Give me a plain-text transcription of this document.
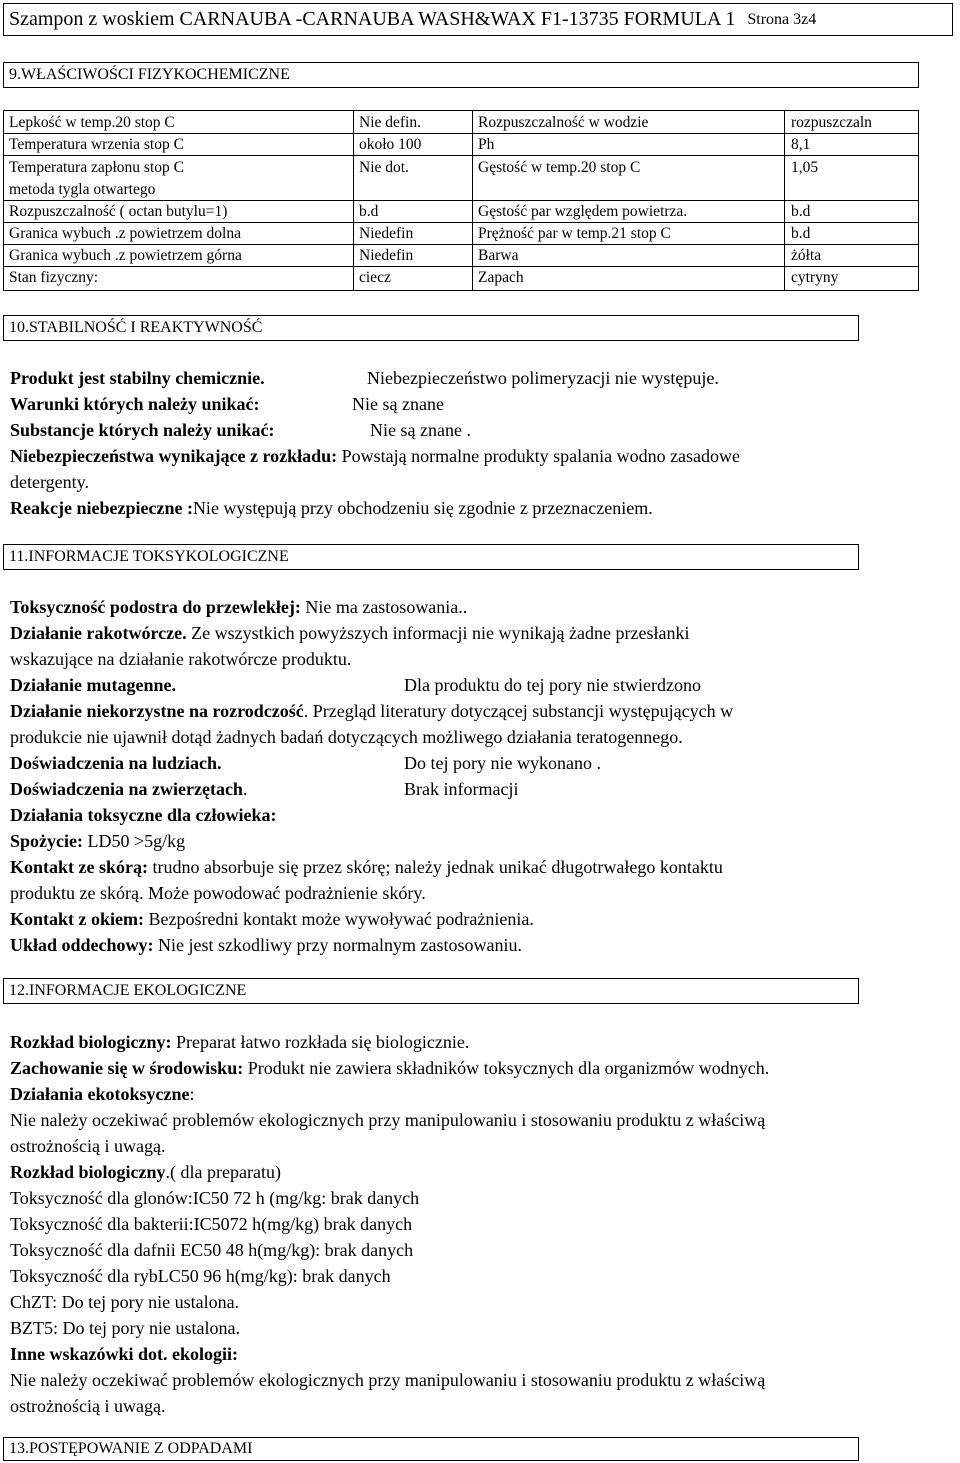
Szampon z woskiem CARNAUBA -CARNAUBA WASH&WAX F1-13735 FORMULA 1 Strona 3z4
9.WŁAŚCIWOŚCI FIZYKOCHEMICZNE
Lepkość w temp.20 stop C	Nie defin.	Rozpuszczalność w wodzie	rozpuszczaln
Temperatura wrzenia stop C	około 100	Ph	8,1
Temperatura zapłonu stop C	Nie dot.	Gęstość w temp.20 stop C	1,05
metoda tygla otwartego
Rozpuszczalność ( octan butylu=1)	b.d	Gęstość par względem powietrza.	b.d
Granica wybuch .z powietrzem dolna	Niedefin	Prężność par w temp.21 stop C	b.d
Granica wybuch .z powietrzem górna	Niedefin	Barwa	żółta
Stan fizyczny:	ciecz	Zapach	cytryny
10.STABILNOŚĆ I REAKTYWNOŚĆ
Produkt jest stabilny chemicznie.	Niebezpieczeństwo polimeryzacji nie występuje.
Warunki których należy unikać:	Nie są znane
Substancje których należy unikać:	Nie są znane .
Niebezpieczeństwa wynikające z rozkładu: Powstają normalne produkty spalania wodno zasadowe
detergenty.
Reakcje niebezpieczne :Nie występują przy obchodzeniu się zgodnie z przeznaczeniem.
11.INFORMACJE TOKSYKOLOGICZNE
Toksyczność podostra do przewlekłej: Nie ma zastosowania..
Działanie rakotwórcze. Ze wszystkich powyższych informacji nie wynikają żadne przesłanki
wskazujące na działanie rakotwórcze produktu.
Działanie mutagenne.	Dla produktu do tej pory nie stwierdzono
Działanie niekorzystne na rozrodczość. Przegląd literatury dotyczącej substancji występujących w
produkcie nie ujawnił dotąd żadnych badań dotyczących możliwego działania teratogennego.
Doświadczenia na ludziach.	Do tej pory nie wykonano .
Doświadczenia na zwierzętach.	Brak informacji
Działania toksyczne dla człowieka:
Spożycie: LD50 >5g/kg
Kontakt ze skórą: trudno absorbuje się przez skórę; należy jednak unikać długotrwałego kontaktu
produktu ze skórą. Może powodować podrażnienie skóry.
Kontakt z okiem: Bezpośredni kontakt może wywoływać podrażnienia.
Układ oddechowy: Nie jest szkodliwy przy normalnym zastosowaniu.
12.INFORMACJE EKOLOGICZNE
Rozkład biologiczny: Preparat łatwo rozkłada się biologicznie.
Zachowanie się w środowisku: Produkt nie zawiera składników toksycznych dla organizmów wodnych.
Działania ekotoksyczne:
Nie należy oczekiwać problemów ekologicznych przy manipulowaniu i stosowaniu produktu z właściwą
ostrożnością i uwagą.
Rozkład biologiczny.( dla preparatu)
Toksyczność dla glonów:IC50 72 h (mg/kg: brak danych
Toksyczność dla bakterii:IC5072 h(mg/kg) brak danych
Toksyczność dla dafnii EC50 48 h(mg/kg): brak danych
Toksyczność dla rybLC50 96 h(mg/kg): brak danych
ChZT: Do tej pory nie ustalona.
BZT5: Do tej pory nie ustalona.
Inne wskazówki dot. ekologii:
Nie należy oczekiwać problemów ekologicznych przy manipulowaniu i stosowaniu produktu z właściwą
ostrożnością i uwagą.
13.POSTĘPOWANIE Z ODPADAMI
